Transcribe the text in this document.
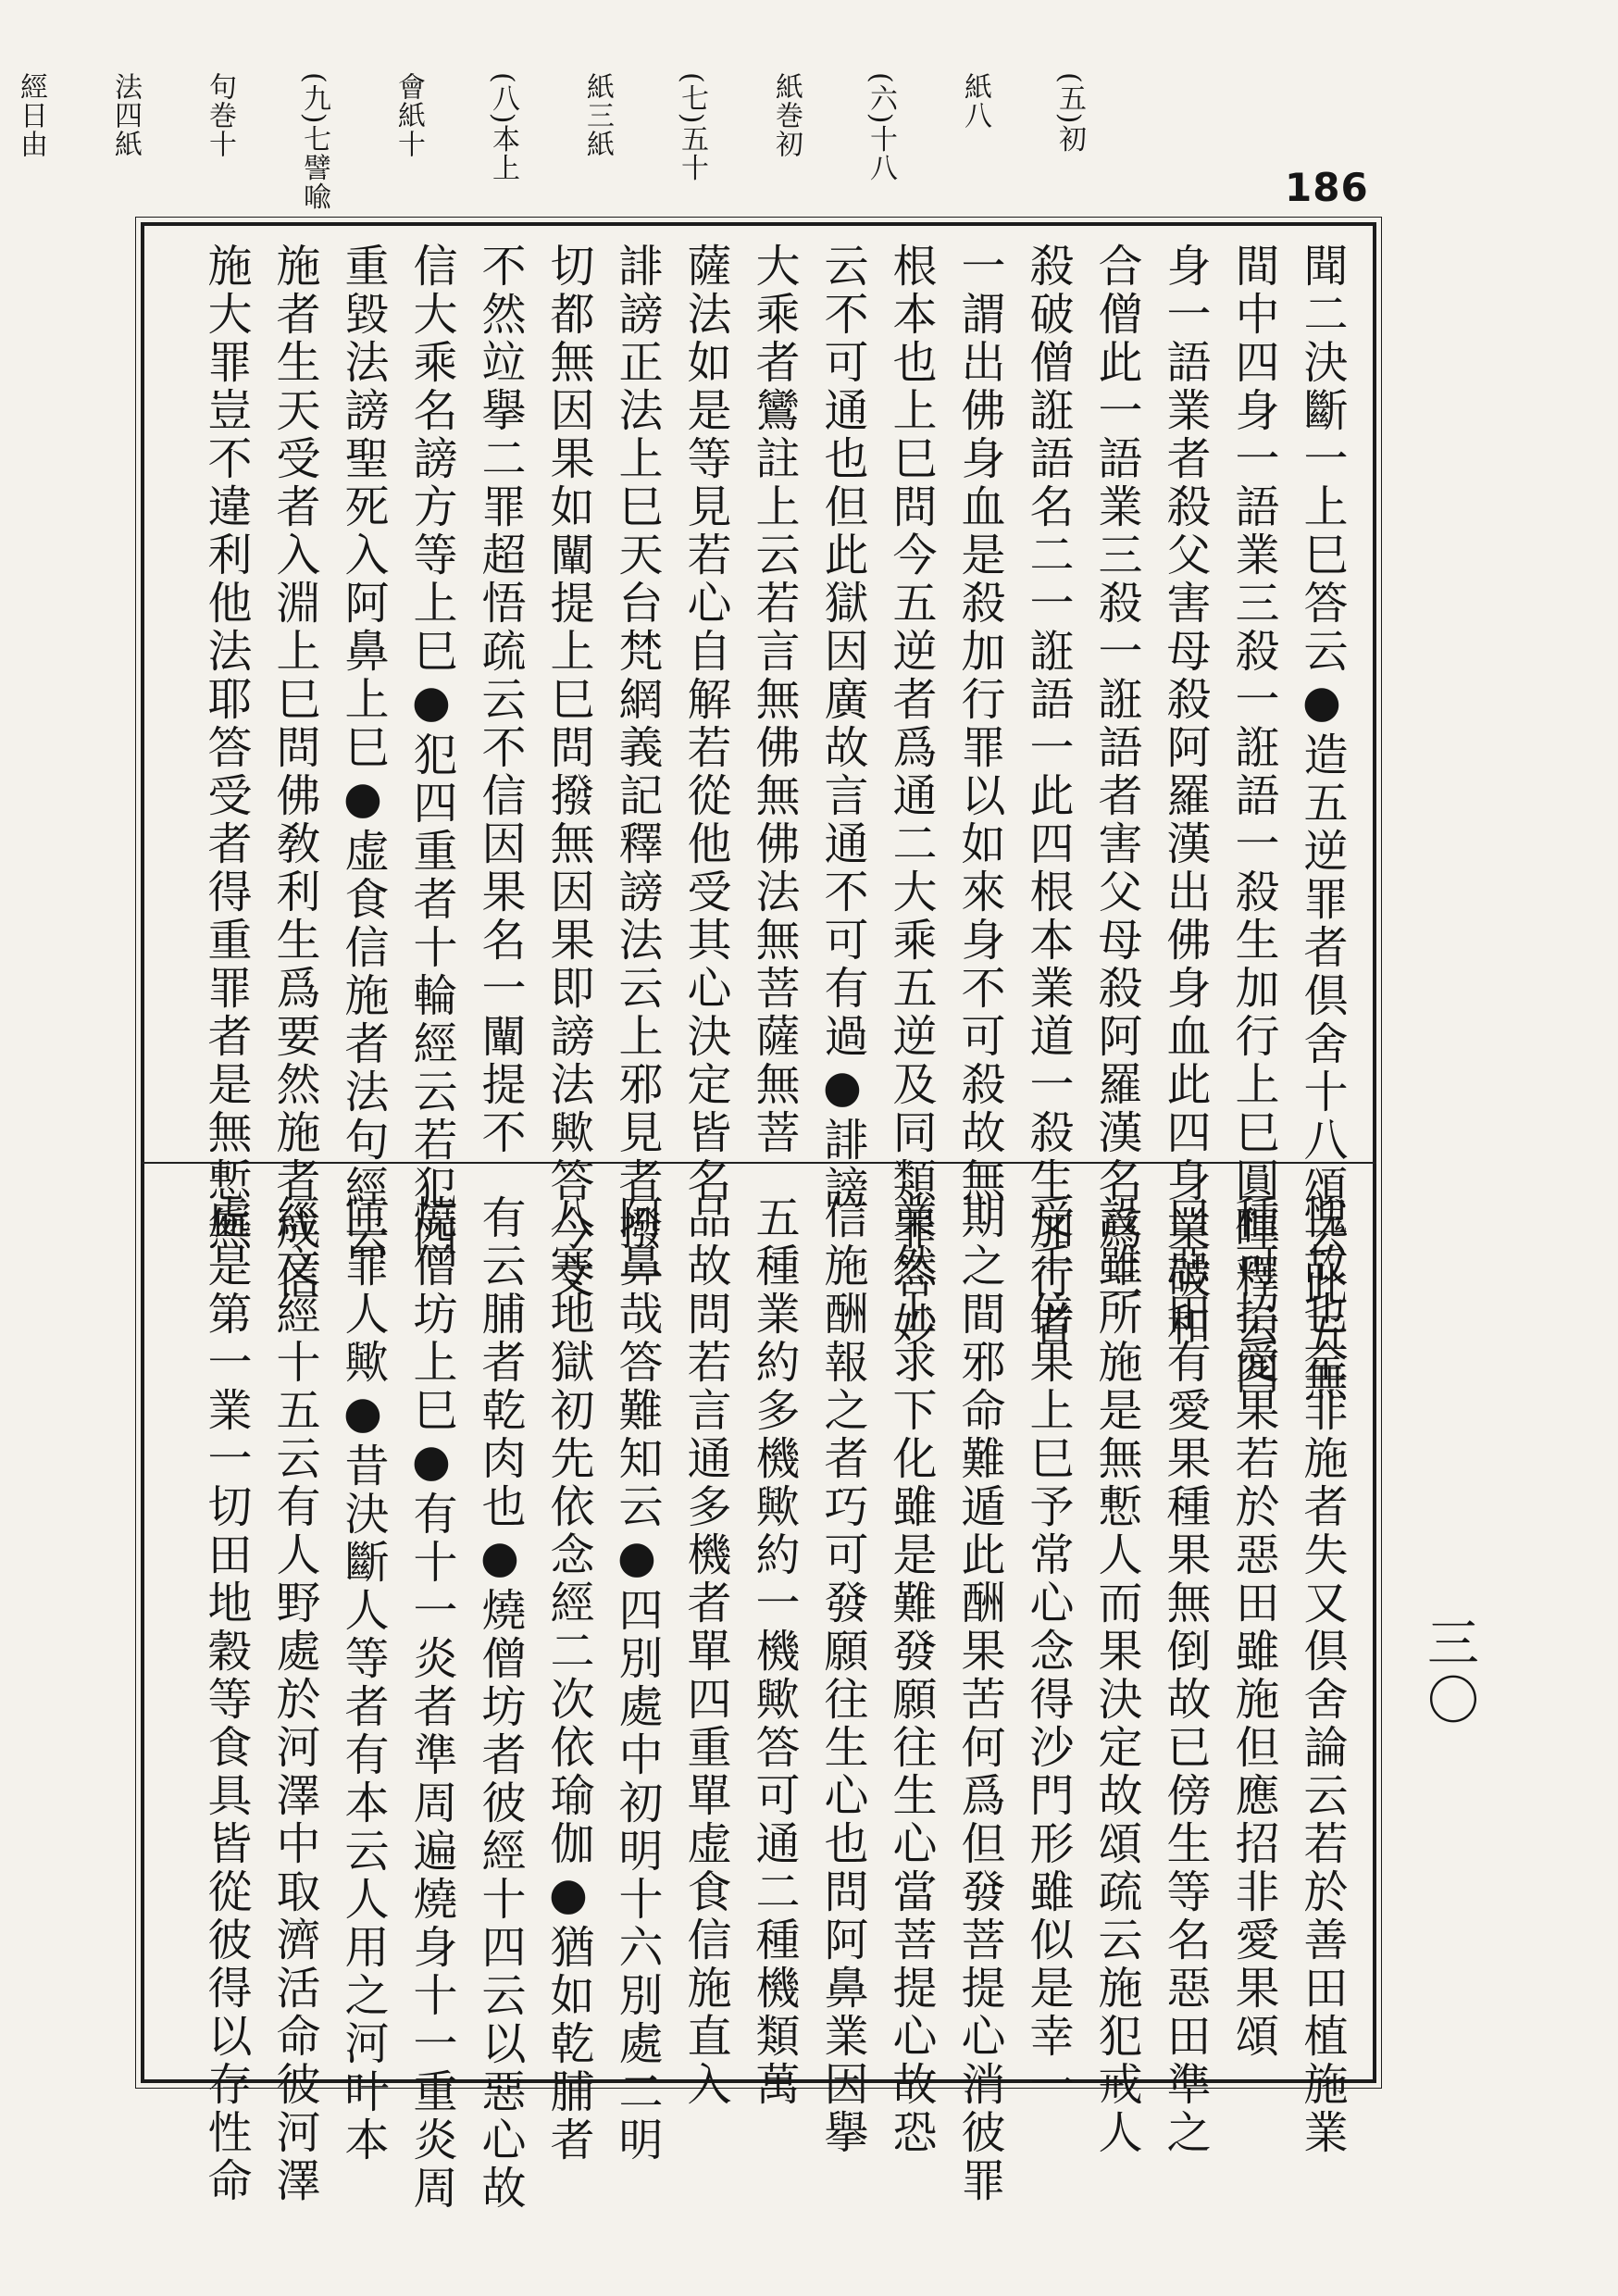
(五)初

紙八

(六)十八

紙巻初

(七)五十

紙三紙

(八)本上

會紙十

(九)七譬喩

句巻十

法四紙

經日由

186
聞二決斷一上巳答云●造五逆罪者倶舍十八頌云此五無
間中四身一語業三殺一誑語一殺生加行上巳圓暉釋云四
身一語業者殺父害母殺阿羅漢出佛身血此四身業破和
合僧此一語業三殺一誑語者害父母殺阿羅漢名爲三
殺破僧誑語名二一誑語一此四根本業道一殺生加行者
一謂出佛身血是殺加行罪以如來身不可殺故無
根本也上巳問今五逆者爲通二大乘五逆及同類罪答妙
云不可通也但此獄因廣故言通不可有過●誹謗
大乘者鸞註上云若言無佛無佛法無菩薩無菩
薩法如是等見若心自解若從他受其心決定皆名
誹謗正法上巳天台梵網義記釋謗法云上邪見者撥一
切都無因果如闡提上巳問撥無因果即謗法歟答今文
不然竝擧二罪超悟疏云不信因果名一闡提不
信大乘名謗方等上巳●犯四重者十輪經云若犯四
重毀法謗聖死入阿鼻上巳●虚食信施者法句經云
施者生天受者入淵上巳問佛敎利生爲要然施者成信
施大罪豈不違利他法耶答受者得重罪者是無慙無
愧故也全非施者失又倶舍論云若於善田植施業
種可招愛果若於惡田雖施但應招非愛果頌
曰惡田有愛果種果無倒故已傍生等名惡田準之
設雖所施是無慙人而果決定故頌疏云施犯戒人
受千倍果上巳予常心念得沙門形雖似是幸一
期之間邪命難遁此酬果苦何爲但發菩提心消彼罪
業然上求下化雖是難發願往生心當菩提心故恐
信施酬報之者巧可發願往生心也問阿鼻業因擧
五種業約多機歟約一機歟答可通二種機類萬
品故問若言通多機者單四重單虚食信施直入
阿鼻哉答難知云●四別處中初明十六別處二明
八寒地獄初先依念經二次依瑜伽●猶如乾脯者
有云脯者乾肉也●燒僧坊者彼經十四云以惡心故
燒僧坊上巳●有十一炎者準周遍燒身十一重炎周
匝罪人歟●昔決斷人等者有本云人用之河叶本
經文經十五云有人野處於河澤中取濟活命彼河澤
處是第一業一切田地穀等食具皆從彼得以存性命	三〇
